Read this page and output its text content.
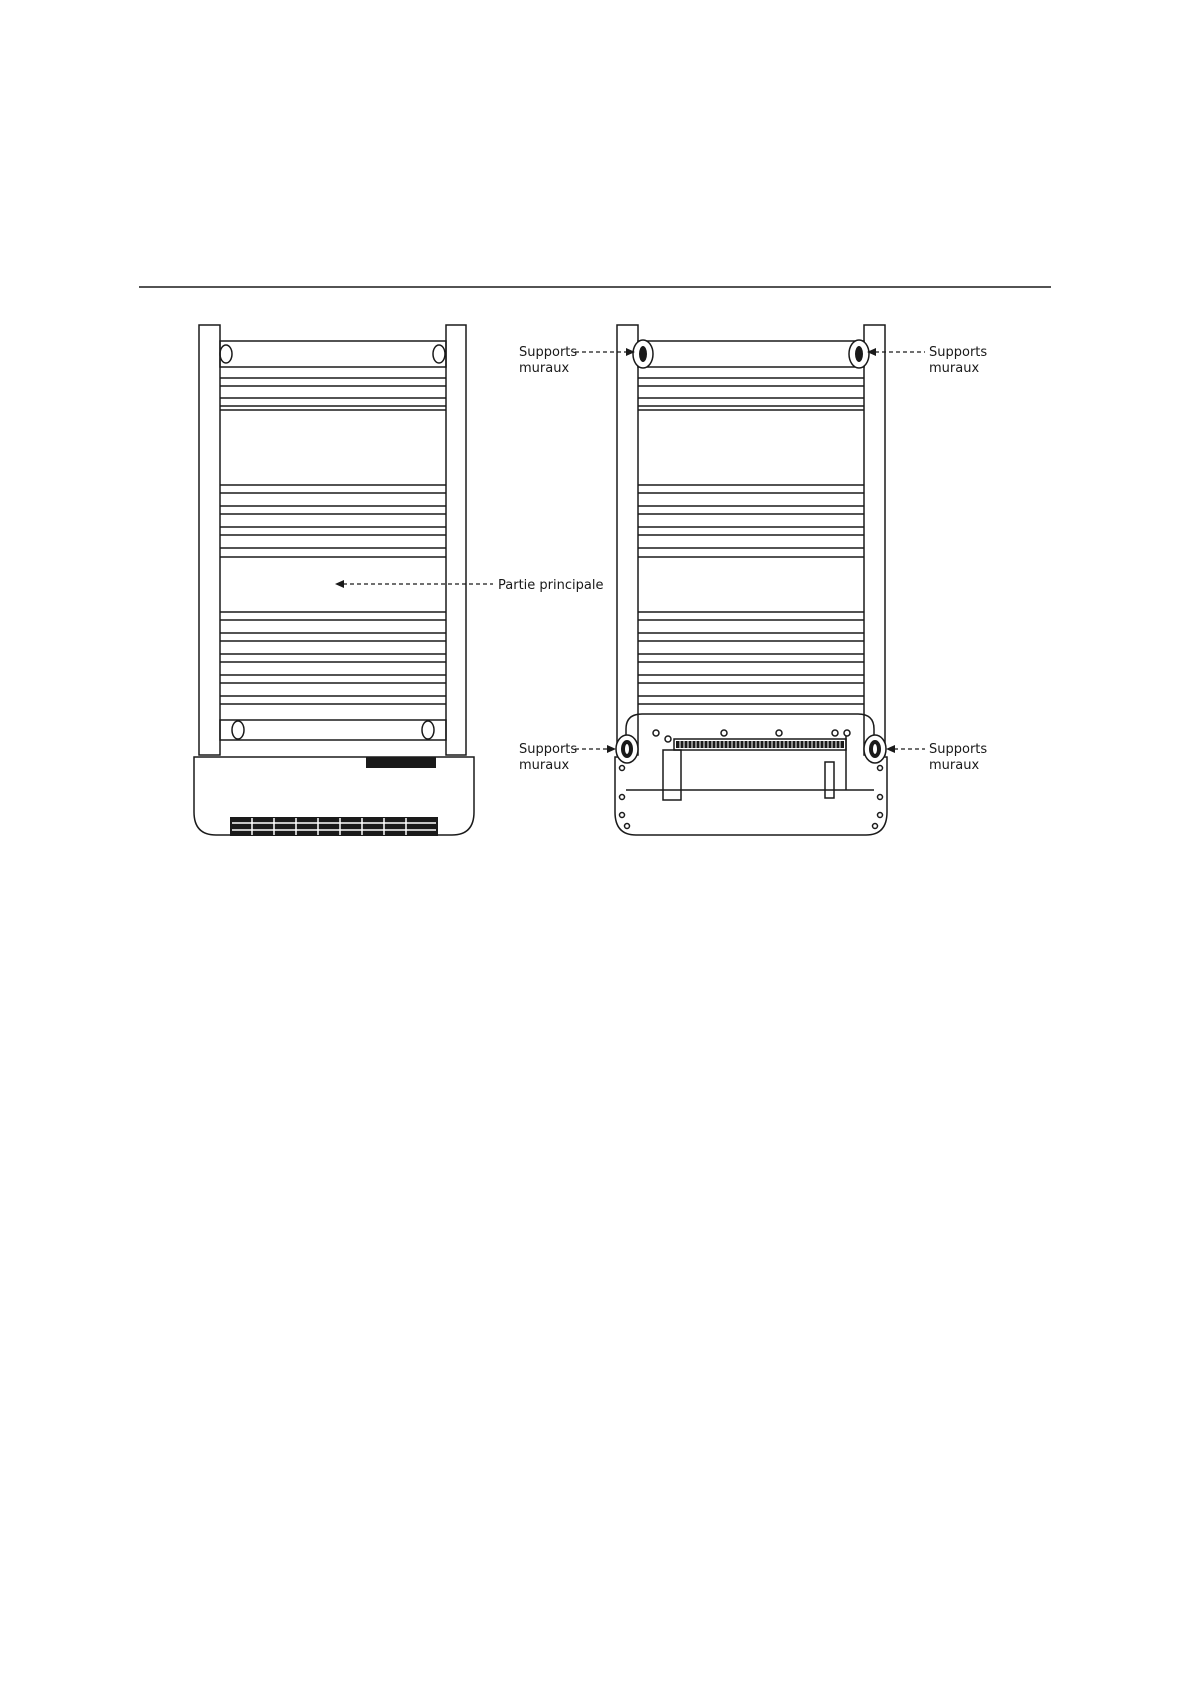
Partie principale
Supports
muraux
Supports
muraux
Supports
muraux
Supports
muraux
